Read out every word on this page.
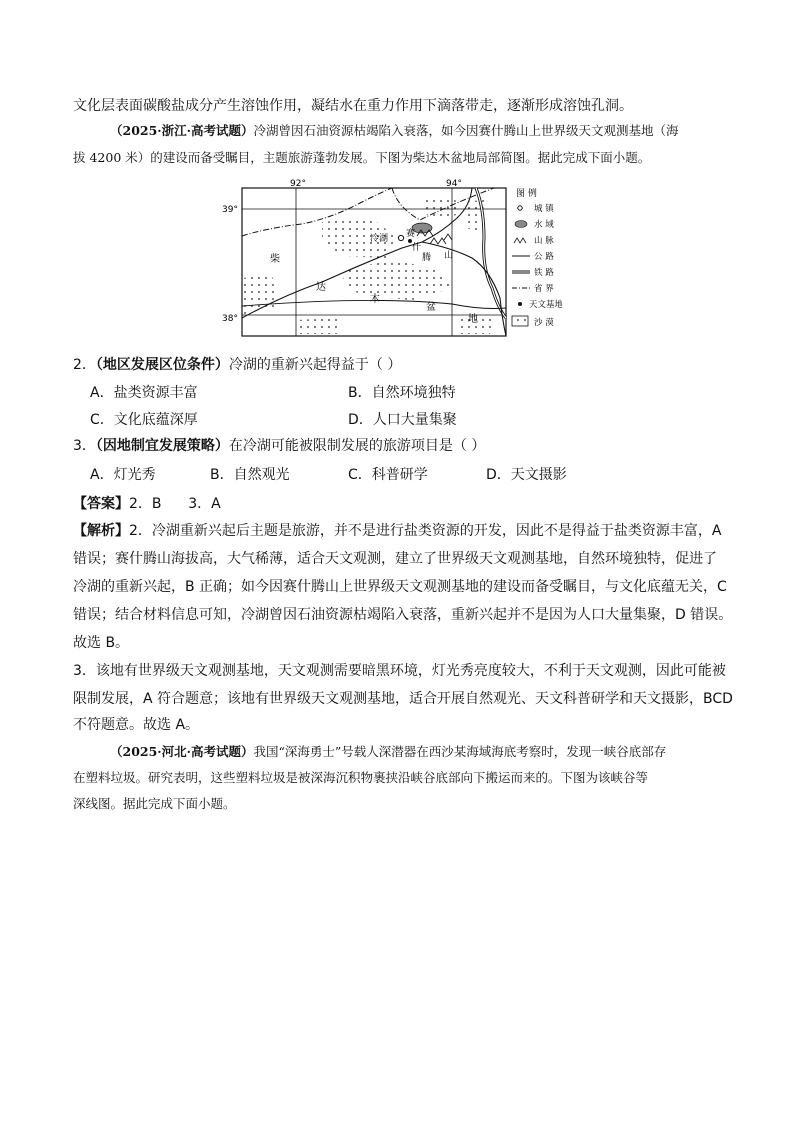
文化层表面碳酸盐成分产生溶蚀作用，凝结水在重力作用下滴落带走，逐渐形成溶蚀孔洞。
（2025·浙江·高考试题）冷湖曾因石油资源枯竭陷入衰落，如今因赛什腾山上世界级天文观测基地（海
拔 4200 米）的建设而备受瞩目，主题旅游蓬勃发展。下图为柴达木盆地局部简图。据此完成下面小题。
92°	94°
39°
38°
柴
达
木
盆
地
冷湖 赛
什
腾 山
图 例
城 镇
水 域
山 脉
公 路
铁 路
省 界
天文基地
沙 漠
2．（地区发展区位条件）冷湖的重新兴起得益于（ ）
A．盐类资源丰富	B．自然环境独特
C．文化底蕴深厚	D．人口大量集聚
3．（因地制宜发展策略）在冷湖可能被限制发展的旅游项目是（ ）
A．灯光秀	B．自然观光	C．科普研学	D．天文摄影
【答案】2．B      3．A
【解析】2．冷湖重新兴起后主题是旅游，并不是进行盐类资源的开发，因此不是得益于盐类资源丰富，A
错误；赛什腾山海拔高，大气稀薄，适合天文观测，建立了世界级天文观测基地，自然环境独特，促进了
冷湖的重新兴起，B 正确；如今因赛什腾山上世界级天文观测基地的建设而备受瞩目，与文化底蕴无关，C
错误；结合材料信息可知，冷湖曾因石油资源枯竭陷入衰落，重新兴起并不是因为人口大量集聚，D 错误。
故选 B。
3．该地有世界级天文观测基地，天文观测需要暗黑环境，灯光秀亮度较大，不利于天文观测，因此可能被
限制发展，A 符合题意；该地有世界级天文观测基地，适合开展自然观光、天文科普研学和天文摄影，BCD
不符题意。故选 A。
（2025·河北·高考试题）我国“深海勇士”号载人深潜器在西沙某海域海底考察时，发现一峡谷底部存
在塑料垃圾。研究表明，这些塑料垃圾是被深海沉积物裹挟沿峡谷底部向下搬运而来的。下图为该峡谷等
深线图。据此完成下面小题。
